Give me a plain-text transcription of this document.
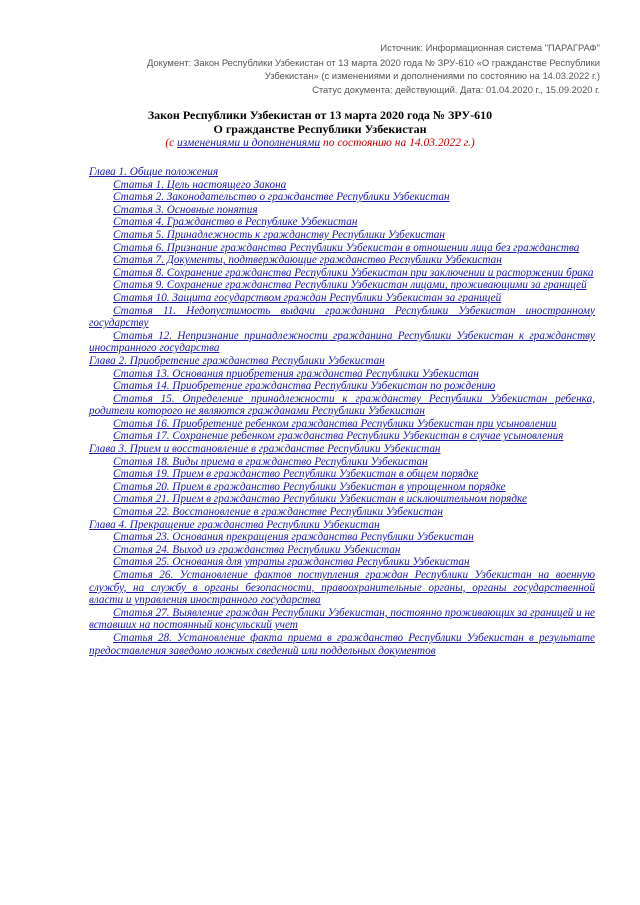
Источник: Информационная система "ПАРАГРАФ"
Документ: Закон Республики Узбекистан от 13 марта 2020 года № ЗРУ-610 «О гражданстве Республики Узбекистан» (с изменениями и дополнениями по состоянию на 14.03.2022 г.)
Статус документа: действующий. Дата: 01.04.2020 г., 15.09.2020 г.
Закон Республики Узбекистан от 13 марта 2020 года № ЗРУ-610
О гражданстве Республики Узбекистан
(с изменениями и дополнениями по состоянию на 14.03.2022 г.)
Глава 1. Общие положения
Статья 1. Цель настоящего Закона
Статья 2. Законодательство о гражданстве Республики Узбекистан
Статья 3. Основные понятия
Статья 4. Гражданство в Республике Узбекистан
Статья 5. Принадлежность к гражданству Республики Узбекистан
Статья 6. Признание гражданства Республики Узбекистан в отношении лица без гражданства
Статья 7. Документы, подтверждающие гражданство Республики Узбекистан
Статья 8. Сохранение гражданства Республики Узбекистан при заключении и расторжении брака
Статья 9. Сохранение гражданства Республики Узбекистан лицами, проживающими за границей
Статья 10. Защита государством граждан Республики Узбекистан за границей
Статья 11. Недопустимость выдачи гражданина Республики Узбекистан иностранному государству
Статья 12. Непризнание принадлежности гражданина Республики Узбекистан к гражданству иностранного государства
Глава 2. Приобретение гражданства Республики Узбекистан
Статья 13. Основания приобретения гражданства Республики Узбекистан
Статья 14. Приобретение гражданства Республики Узбекистан по рождению
Статья 15. Определение принадлежности к гражданству Республики Узбекистан ребенка, родители которого не являются гражданами Республики Узбекистан
Статья 16. Приобретение ребенком гражданства Республики Узбекистан при усыновлении
Статья 17. Сохранение ребенком гражданства Республики Узбекистан в случае усыновления
Глава 3. Прием и восстановление в гражданстве Республики Узбекистан
Статья 18. Виды приема в гражданство Республики Узбекистан
Статья 19. Прием в гражданство Республики Узбекистан в общем порядке
Статья 20. Прием в гражданство Республики Узбекистан в упрощенном порядке
Статья 21. Прием в гражданство Республики Узбекистан в исключительном порядке
Статья 22. Восстановление в гражданстве Республики Узбекистан
Глава 4. Прекращение гражданства Республики Узбекистан
Статья 23. Основания прекращения гражданства Республики Узбекистан
Статья 24. Выход из гражданства Республики Узбекистан
Статья 25. Основания для утраты гражданства Республики Узбекистан
Статья 26. Установление фактов поступления граждан Республики Узбекистан на военную службу, на службу в органы безопасности, правоохранительные органы, органы государственной власти и управления иностранного государства
Статья 27. Выявление граждан Республики Узбекистан, постоянно проживающих за границей и не вставших на постоянный консульский учет
Статья 28. Установление факта приема в гражданство Республики Узбекистан в результате предоставления заведомо ложных сведений или поддельных документов
